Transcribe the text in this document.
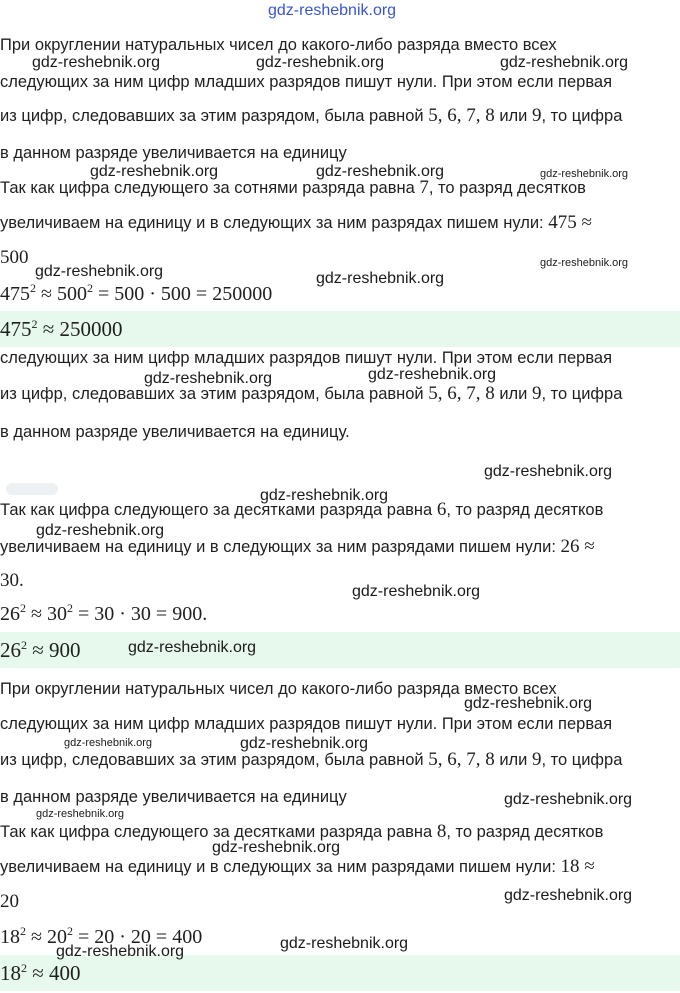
gdz-reshebnik.org
При округлении натуральных чисел до какого-либо разряда вместо всех
следующих за ним цифр младших разрядов пишут нули. При этом если первая
из цифр, следовавших за этим разрядом, была равной 5, 6, 7, 8 или 9, то цифра
в данном разряде увеличивается на единицу
Так как цифра следующего за сотнями разряда равна 7, то разряд десятков
увеличиваем на единицу и в следующих за ним разрядах пишем нули: 475 ≈
500
$475^2 \approx 500^2 = 500 \cdot 500 = 250000$
$475^2 \approx 250000$
следующих за ним цифр младших разрядов пишут нули. При этом если первая
из цифр, следовавших за этим разрядом, была равной 5, 6, 7, 8 или 9, то цифра
в данном разряде увеличивается на единицу.
Так как цифра следующего за десятками разряда равна 6, то разряд десятков
увеличиваем на единицу и в следующих за ним разрядами пишем нули: 26 ≈
30.
$26^2 \approx 30^2 = 30 \cdot 30 = 900$.
$26^2 \approx 900$
При округлении натуральных чисел до какого-либо разряда вместо всех
следующих за ним цифр младших разрядов пишут нули. При этом если первая
из цифр, следовавших за этим разрядом, была равной 5, 6, 7, 8 или 9, то цифра
в данном разряде увеличивается на единицу
Так как цифра следующего за десятками разряда равна 8, то разряд десятков
увеличиваем на единицу и в следующих за ним разрядами пишем нули: 18 ≈
20
$18^2 \approx 20^2 = 20 \cdot 20 = 400$
$18^2 \approx 400$
gdz-reshebnik.org	gdz-reshebnik.org	gdz-reshebnik.org
gdz-reshebnik.org	gdz-reshebnik.org	gdz-reshebnik.org
gdz-reshebnik.org	gdz-reshebnik.org
gdz-reshebnik.org
gdz-reshebnik.org	gdz-reshebnik.org
gdz-reshebnik.org
gdz-reshebnik.org
gdz-reshebnik.org
gdz-reshebnik.org
gdz-reshebnik.org
gdz-reshebnik.org
gdz-reshebnik.org	gdz-reshebnik.org
gdz-reshebnik.org
gdz-reshebnik.org
gdz-reshebnik.org
gdz-reshebnik.org
gdz-reshebnik.org
gdz-reshebnik.org
